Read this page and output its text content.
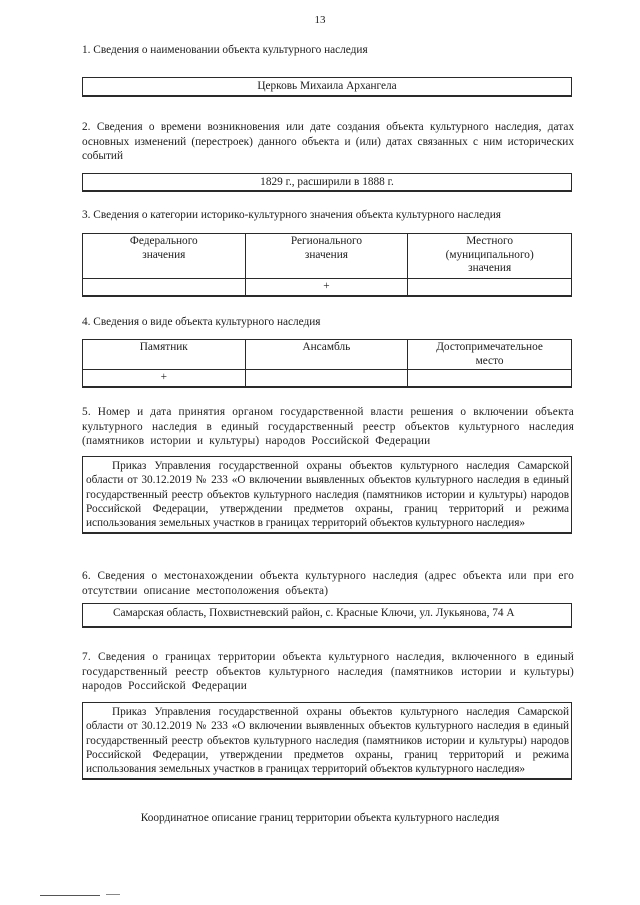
13
1. Сведения о наименовании объекта культурного наследия
Церковь Михаила Архангела
2. Сведения о времени возникновения или дате создания объекта культурного наследия, датах основных изменений (перестроек) данного объекта и (или) датах связанных с ним исторических событий
1829 г., расширили в 1888 г.
3. Сведения о категории историко-культурного значения объекта культурного наследия
Федерального значения	Регионального значения	Местного (муниципального) значения

	+	
4. Сведения о виде объекта культурного наследия
Памятник	Ансамбль	Достопримечательное место

+		
5. Номер и дата принятия органом государственной власти решения о включении объекта культурного наследия в единый государственный реестр объектов культурного наследия (памятников истории и культуры) народов Российской Федерации
Приказ Управления государственной охраны объектов культурного наследия Самарской области от 30.12.2019 № 233 «О включении выявленных объектов культурного наследия в единый государственный реестр объектов культурного наследия (памятников истории и культуры) народов Российской Федерации, утверждении предметов охраны, границ территорий и режима использования земельных участков в границах территорий объектов культурного наследия»
6. Сведения о местонахождении объекта культурного наследия (адрес объекта или при его отсутствии описание местоположения объекта)
Самарская область, Похвистневский район, с. Красные Ключи, ул. Лукьянова, 74 А
7. Сведения о границах территории объекта культурного наследия, включенного в единый государственный реестр объектов культурного наследия (памятников истории и культуры) народов Российской Федерации
Приказ Управления государственной охраны объектов культурного наследия Самарской области от 30.12.2019 № 233 «О включении выявленных объектов культурного наследия в единый государственный реестр объектов культурного наследия (памятников истории и культуры) народов Российской Федерации, утверждении предметов охраны, границ территорий и режима использования земельных участков в границах территорий объектов культурного наследия»
Координатное описание границ территории объекта культурного наследия
